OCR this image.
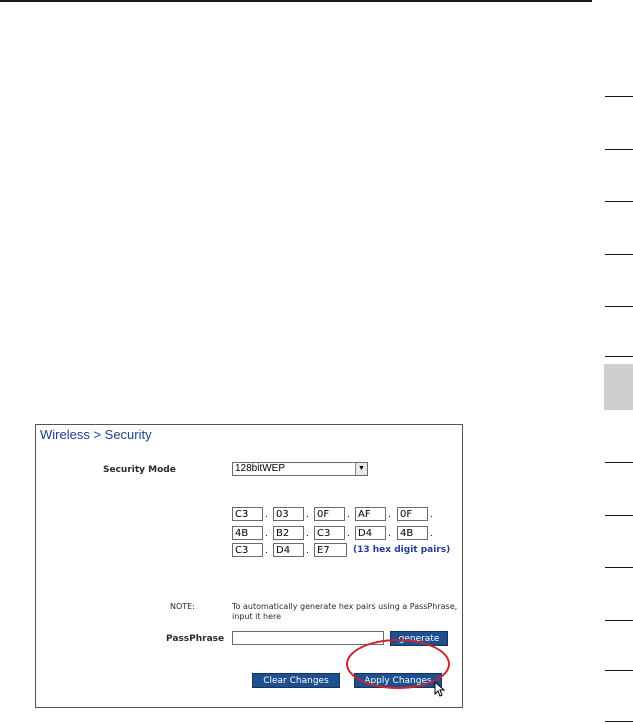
Wireless > Security
Security Mode	128bitWEP	▼
C3	. 03	. 0F	. AF	. 0F	.
4B	. B2	. C3	. D4	. 4B	.
C3	. D4	. E7	(13 hex digit pairs)
NOTE:	To automatically generate hex pairs using a PassPhrase, input it here
PassPhrase	generate
Clear Changes	Apply Changes
